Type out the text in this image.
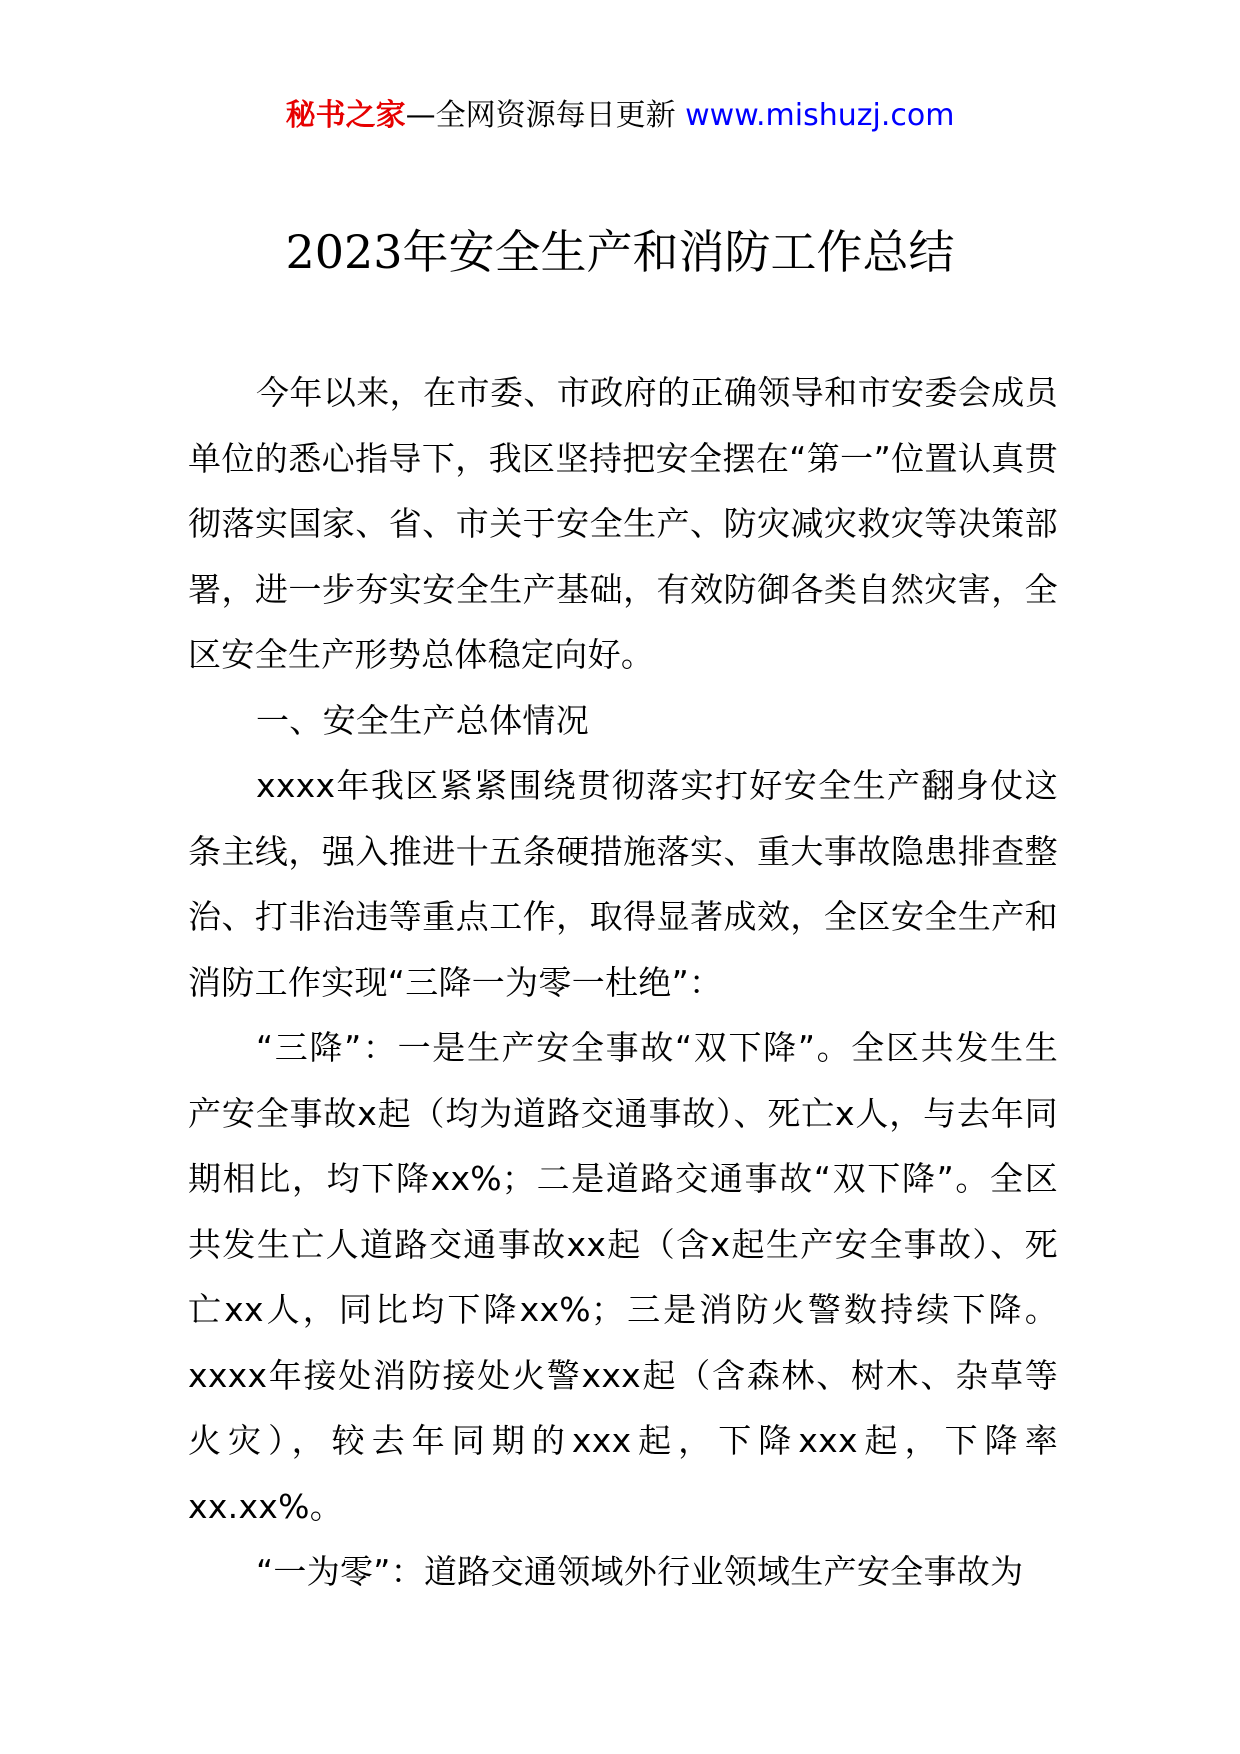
秘书之家—全网资源每日更新 www.mishuzj.com
2023年安全生产和消防工作总结

今年以来，在市委、市政府的正确领导和市安委会成员单位的悉心指导下，我区坚持把安全摆在“第一”位置认真贯彻落实国家、省、市关于安全生产、防灾减灾救灾等决策部署，进一步夯实安全生产基础，有效防御各类自然灾害，全区安全生产形势总体稳定向好。

一、安全生产总体情况

xxxx年我区紧紧围绕贯彻落实打好安全生产翻身仗这条主线，强入推进十五条硬措施落实、重大事故隐患排查整治、打非治违等重点工作，取得显著成效，全区安全生产和消防工作实现“三降一为零一杜绝”：

“三降”：一是生产安全事故“双下降”。全区共发生生产安全事故x起（均为道路交通事故）、死亡x人，与去年同期相比，均下降xx%；二是道路交通事故“双下降”。全区共发生亡人道路交通事故xx起（含x起生产安全事故）、死亡xx人，同比均下降xx%；三是消防火警数持续下降。xxxx年接处消防接处火警xxx起（含森林、树木、杂草等火灾），较去年同期的xxx起，下降xxx起，下降率xx.xx%。

“一为零”：道路交通领域外行业领域生产安全事故为
